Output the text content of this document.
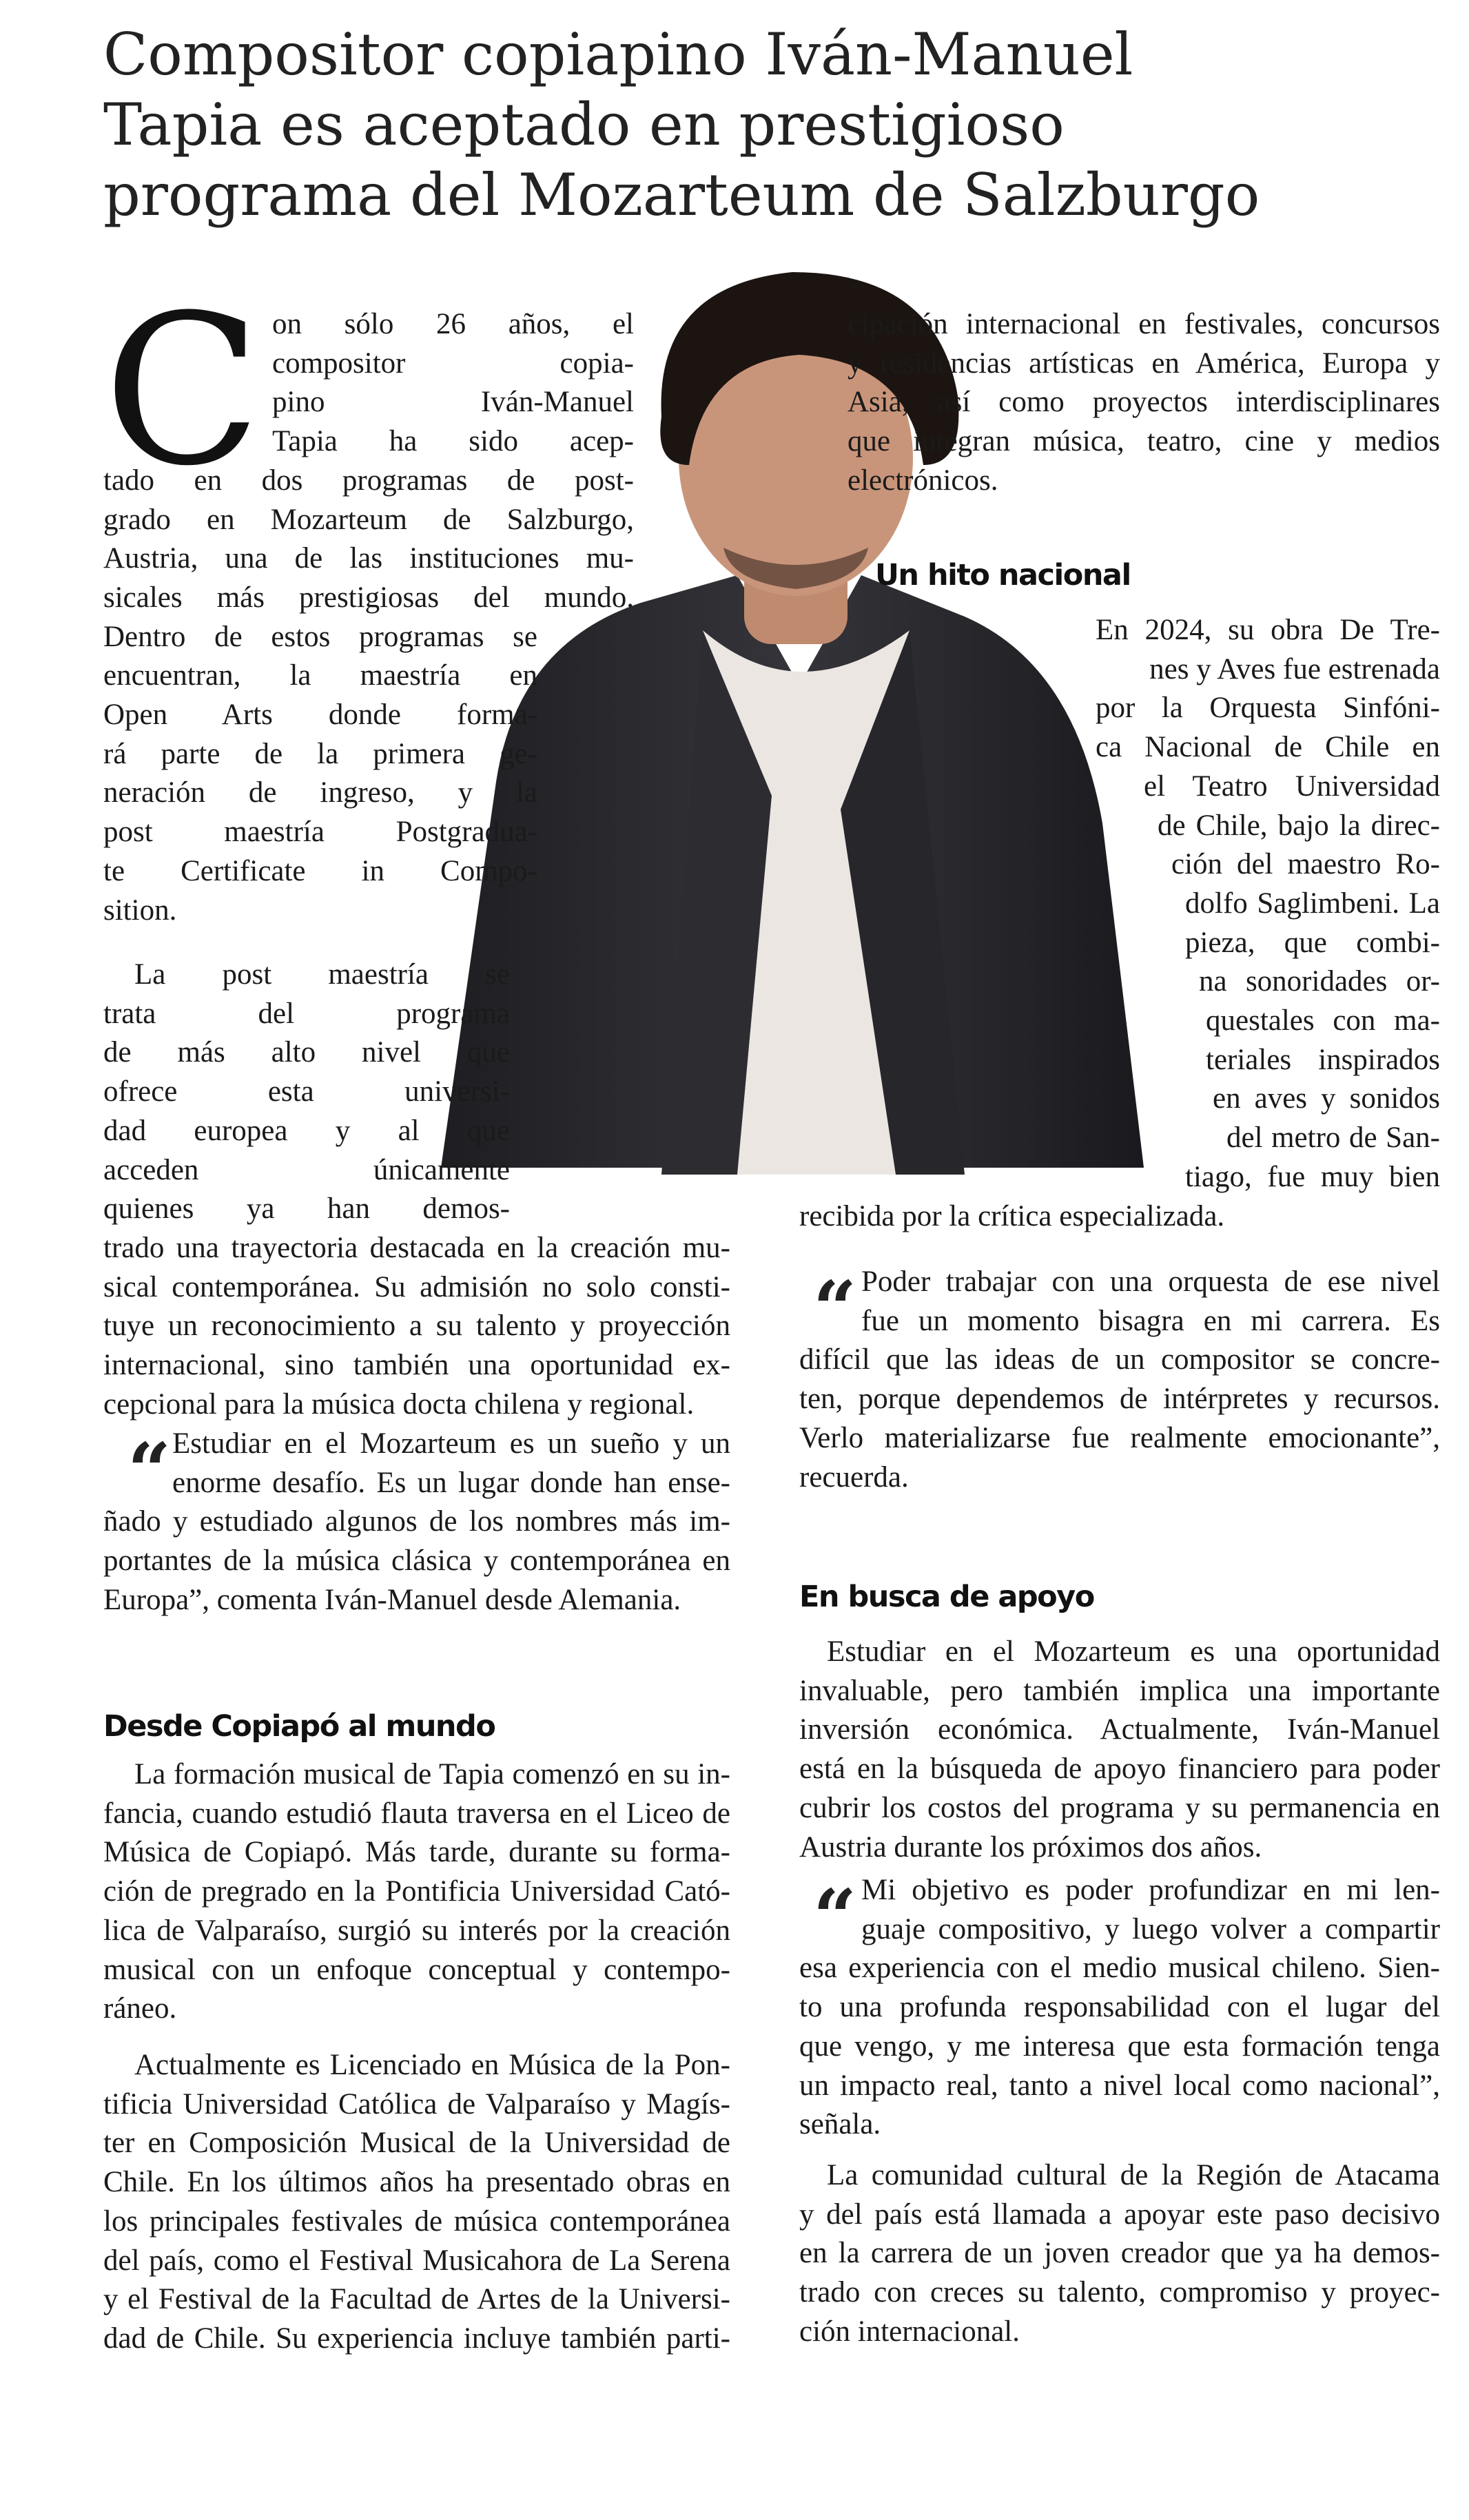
Compositor copiapino Iván-Manuel
Tapia es aceptado en prestigioso
programa del Mozarteum de Salzburgo
C on sólo 26 años, el
compositor copia-
pino Iván-Manuel
Tapia ha sido acep-
tado en dos programas de post-
grado en Mozarteum de Salzburgo,
Austria, una de las instituciones mu-
sicales más prestigiosas del mundo.
Dentro de estos programas se
encuentran, la maestría en
Open Arts donde forma-
rá parte de la primera ge-
neración de ingreso, y la
post maestría Postgradua-
te Certificate in Compo-
sition.
La post maestría se
trata del programa
de más alto nivel que
ofrece esta universi-
dad europea y al que
acceden únicamente
quienes ya han demos-
trado una trayectoria destacada en la creación mu-
sical contemporánea. Su admisión no solo consti-
tuye un reconocimiento a su talento y proyección
internacional, sino también una oportunidad ex-
cepcional para la música docta chilena y regional.
“ Estudiar en el Mozarteum es un sueño y un
enorme desafío. Es un lugar donde han ense-
ñado y estudiado algunos de los nombres más im-
portantes de la música clásica y contemporánea en
Europa”, comenta Iván-Manuel desde Alemania.
Desde Copiapó al mundo
La formación musical de Tapia comenzó en su in-
fancia, cuando estudió flauta traversa en el Liceo de
Música de Copiapó. Más tarde, durante su forma-
ción de pregrado en la Pontificia Universidad Cató-
lica de Valparaíso, surgió su interés por la creación
musical con un enfoque conceptual y contempo-
ráneo.
Actualmente es Licenciado en Música de la Pon-
tificia Universidad Católica de Valparaíso y Magís-
ter en Composición Musical de la Universidad de
Chile. En los últimos años ha presentado obras en
los principales festivales de música contemporánea
del país, como el Festival Musicahora de La Serena
y el Festival de la Facultad de Artes de la Universi-
dad de Chile. Su experiencia incluye también parti-
cipación internacional en festivales, concursos
y residencias artísticas en América, Europa y
Asia, así como proyectos interdisciplinares
que integran música, teatro, cine y medios
electrónicos.
Un hito nacional
En 2024, su obra De Tre-
nes y Aves fue estrenada
por la Orquesta Sinfóni-
ca Nacional de Chile en
el Teatro Universidad
de Chile, bajo la direc-
ción del maestro Ro-
dolfo Saglimbeni. La
pieza, que combi-
na sonoridades or-
questales con ma-
teriales inspirados
en aves y sonidos
del metro de San-
tiago, fue muy bien
recibida por la crítica especializada.
“ Poder trabajar con una orquesta de ese nivel
fue un momento bisagra en mi carrera. Es
difícil que las ideas de un compositor se concre-
ten, porque dependemos de intérpretes y recursos.
Verlo materializarse fue realmente emocionante”,
recuerda.
En busca de apoyo
Estudiar en el Mozarteum es una oportunidad
invaluable, pero también implica una importante
inversión económica. Actualmente, Iván-Manuel
está en la búsqueda de apoyo financiero para poder
cubrir los costos del programa y su permanencia en
Austria durante los próximos dos años.
“ Mi objetivo es poder profundizar en mi len-
guaje compositivo, y luego volver a compartir
esa experiencia con el medio musical chileno. Sien-
to una profunda responsabilidad con el lugar del
que vengo, y me interesa que esta formación tenga
un impacto real, tanto a nivel local como nacional”,
señala.
La comunidad cultural de la Región de Atacama
y del país está llamada a apoyar este paso decisivo
en la carrera de un joven creador que ya ha demos-
trado con creces su talento, compromiso y proyec-
ción internacional.
